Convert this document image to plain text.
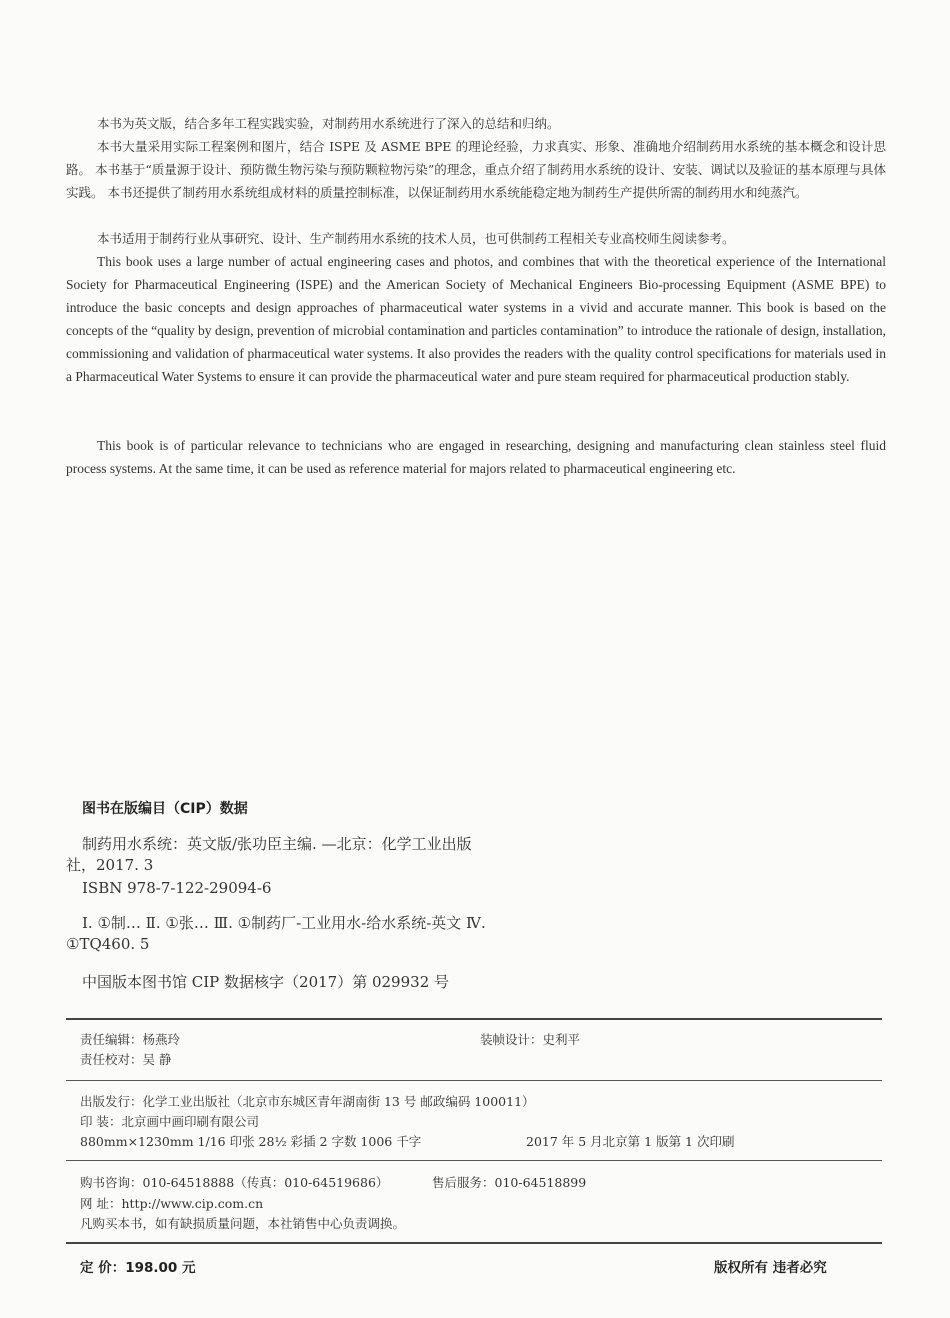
本书为英文版，结合多年工程实践实验，对制药用水系统进行了深入的总结和归纳。

本书大量采用实际工程案例和图片，结合 ISPE 及 ASME BPE 的理论经验，力求真实、形象、准确地介绍制药用水系统的基本概念和设计思路。 本书基于“质量源于设计、预防微生物污染与预防颗粒物污染”的理念，重点介绍了制药用水系统的设计、安装、调试以及验证的基本原理与具体实践。 本书还提供了制药用水系统组成材料的质量控制标准，以保证制药用水系统能稳定地为制药生产提供所需的制药用水和纯蒸汽。

本书适用于制药行业从事研究、设计、生产制药用水系统的技术人员，也可供制药工程相关专业高校师生阅读参考。

This book uses a large number of actual engineering cases and photos, and combines that with the theoretical experience of the International Society for Pharmaceutical Engineering (ISPE) and the American Society of Mechanical Engineers Bio-processing Equipment (ASME BPE) to introduce the basic concepts and design approaches of pharmaceutical water systems in a vivid and accurate manner. This book is based on the concepts of the “quality by design, prevention of microbial contamination and particles contamination” to introduce the rationale of design, installation, commissioning and validation of pharmaceutical water systems. It also provides the readers with the quality control specifications for materials used in a Pharmaceutical Water Systems to ensure it can provide the pharmaceutical water and pure steam required for pharmaceutical production stably.

This book is of particular relevance to technicians who are engaged in researching, designing and manufacturing clean stainless steel fluid process systems. At the same time, it can be used as reference material for majors related to pharmaceutical engineering etc.

图书在版编目（CIP）数据

制药用水系统：英文版/张功臣主编. —北京：化学工业出版社，2017. 3

ISBN 978-7-122-29094-6

Ⅰ. ①制… Ⅱ. ①张… Ⅲ. ①制药厂-工业用水-给水系统-英文 Ⅳ. ①TQ460. 5

中国版本图书馆 CIP 数据核字（2017）第 029932 号

责任编辑：杨燕玲	装帧设计：史利平
责任校对：吴 静
出版发行：化学工业出版社（北京市东城区青年湖南街 13 号 邮政编码 100011）
印 装：北京画中画印刷有限公司
880mm×1230mm 1/16 印张 28½ 彩插 2 字数 1006 千字	2017 年 5 月北京第 1 版第 1 次印刷
购书咨询：010-64518888（传真：010-64519686）	售后服务：010-64518899
网 址：http://www.cip.com.cn
凡购买本书，如有缺损质量问题，本社销售中心负责调换。
定 价：198.00 元	版权所有 违者必究
